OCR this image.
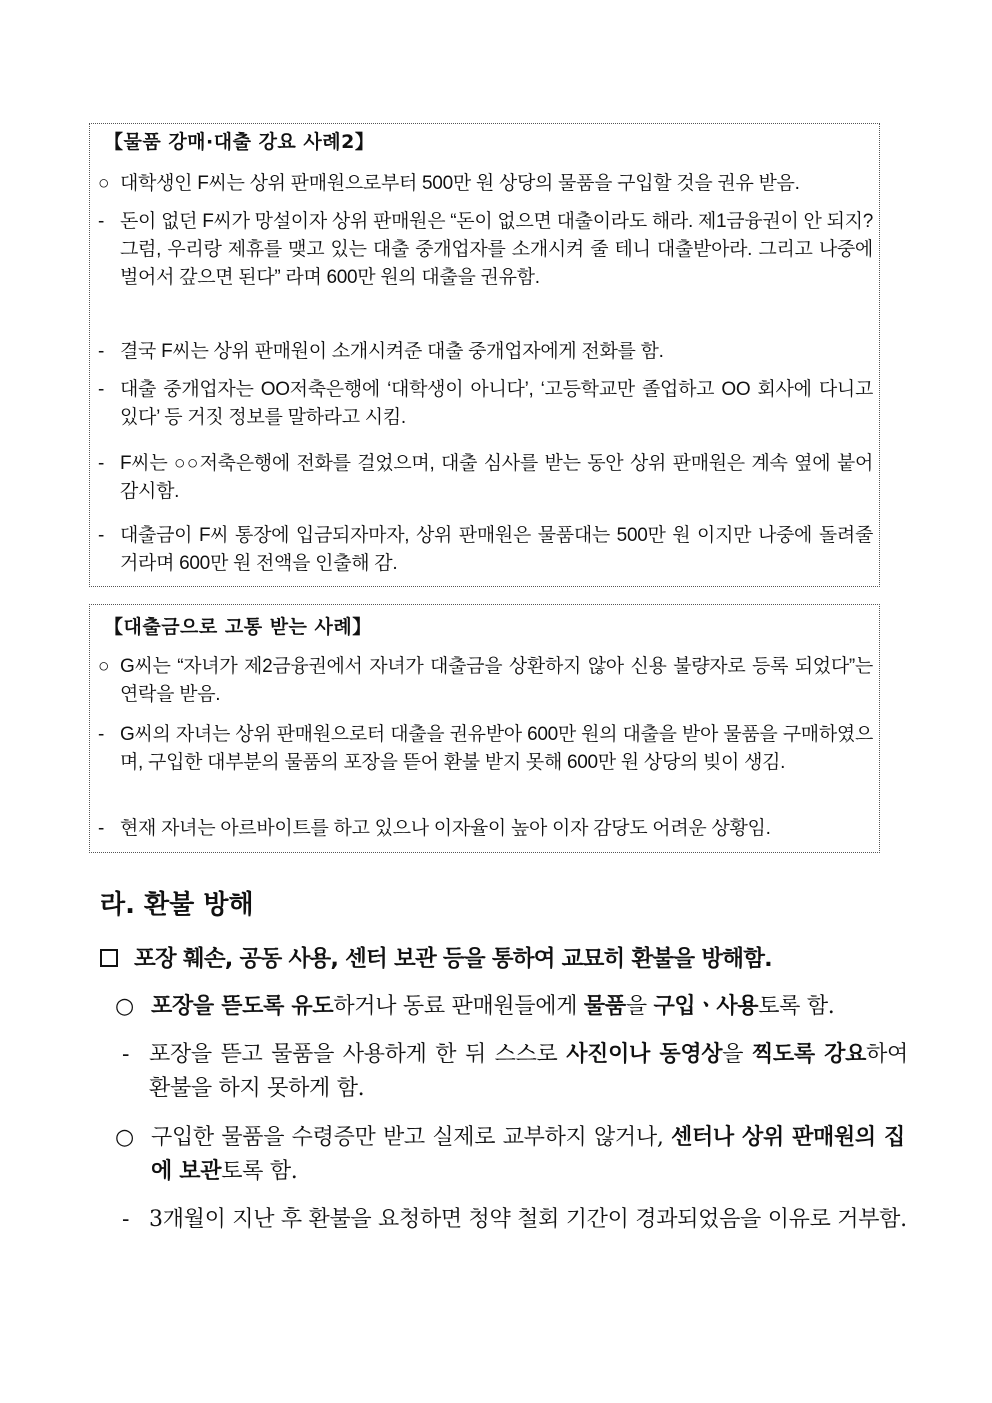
【물품 강매·대출 강요 사례2】
○ 대학생인 F씨는 상위 판매원으로부터 500만 원 상당의 물품을 구입할 것을 권유 받음.
- 돈이 없던 F씨가 망설이자 상위 판매원은 “돈이 없으면 대출이라도 해라. 제1금융권이 안 되지? 그럼, 우리랑 제휴를 맺고 있는 대출 중개업자를 소개시켜 줄 테니 대출받아라. 그리고 나중에 벌어서 갚으면 된다” 라며 600만 원의 대출을 권유함.
- 결국 F씨는 상위 판매원이 소개시켜준 대출 중개업자에게 전화를 함.
- 대출 중개업자는 OO저축은행에 ‘대학생이 아니다’, ‘고등학교만 졸업하고 OO 회사에 다니고 있다’ 등 거짓 정보를 말하라고 시킴.
- F씨는 ○○저축은행에 전화를 걸었으며, 대출 심사를 받는 동안 상위 판매원은 계속 옆에 붙어 감시함.
- 대출금이 F씨 통장에 입금되자마자, 상위 판매원은 물품대는 500만 원 이지만 나중에 돌려줄 거라며 600만 원 전액을 인출해 감.
【대출금으로 고통 받는 사례】
○ G씨는 “자녀가 제2금융권에서 자녀가 대출금을 상환하지 않아 신용 불량자로 등록 되었다”는 연락을 받음.
- G씨의 자녀는 상위 판매원으로터 대출을 권유받아 600만 원의 대출을 받아 물품을 구매하였으며, 구입한 대부분의 물품의 포장을 뜯어 환불 받지 못해 600만 원 상당의 빚이 생김.
- 현재 자녀는 아르바이트를 하고 있으나 이자율이 높아 이자 감당도 어려운 상황임.
라. 환불 방해
포장 훼손, 공동 사용, 센터 보관 등을 통하여 교묘히 환불을 방해함.
○ 포장을 뜯도록 유도하거나 동료 판매원들에게 물품을 구입ㆍ사용토록 함.
- 포장을 뜯고 물품을 사용하게 한 뒤 스스로 사진이나 동영상을 찍도록 강요하여 환불을 하지 못하게 함.
○ 구입한 물품을 수령증만 받고 실제로 교부하지 않거나, 센터나 상위 판매원의 집에 보관토록 함.
- 3개월이 지난 후 환불을 요청하면 청약 철회 기간이 경과되었음을 이유로 거부함.
